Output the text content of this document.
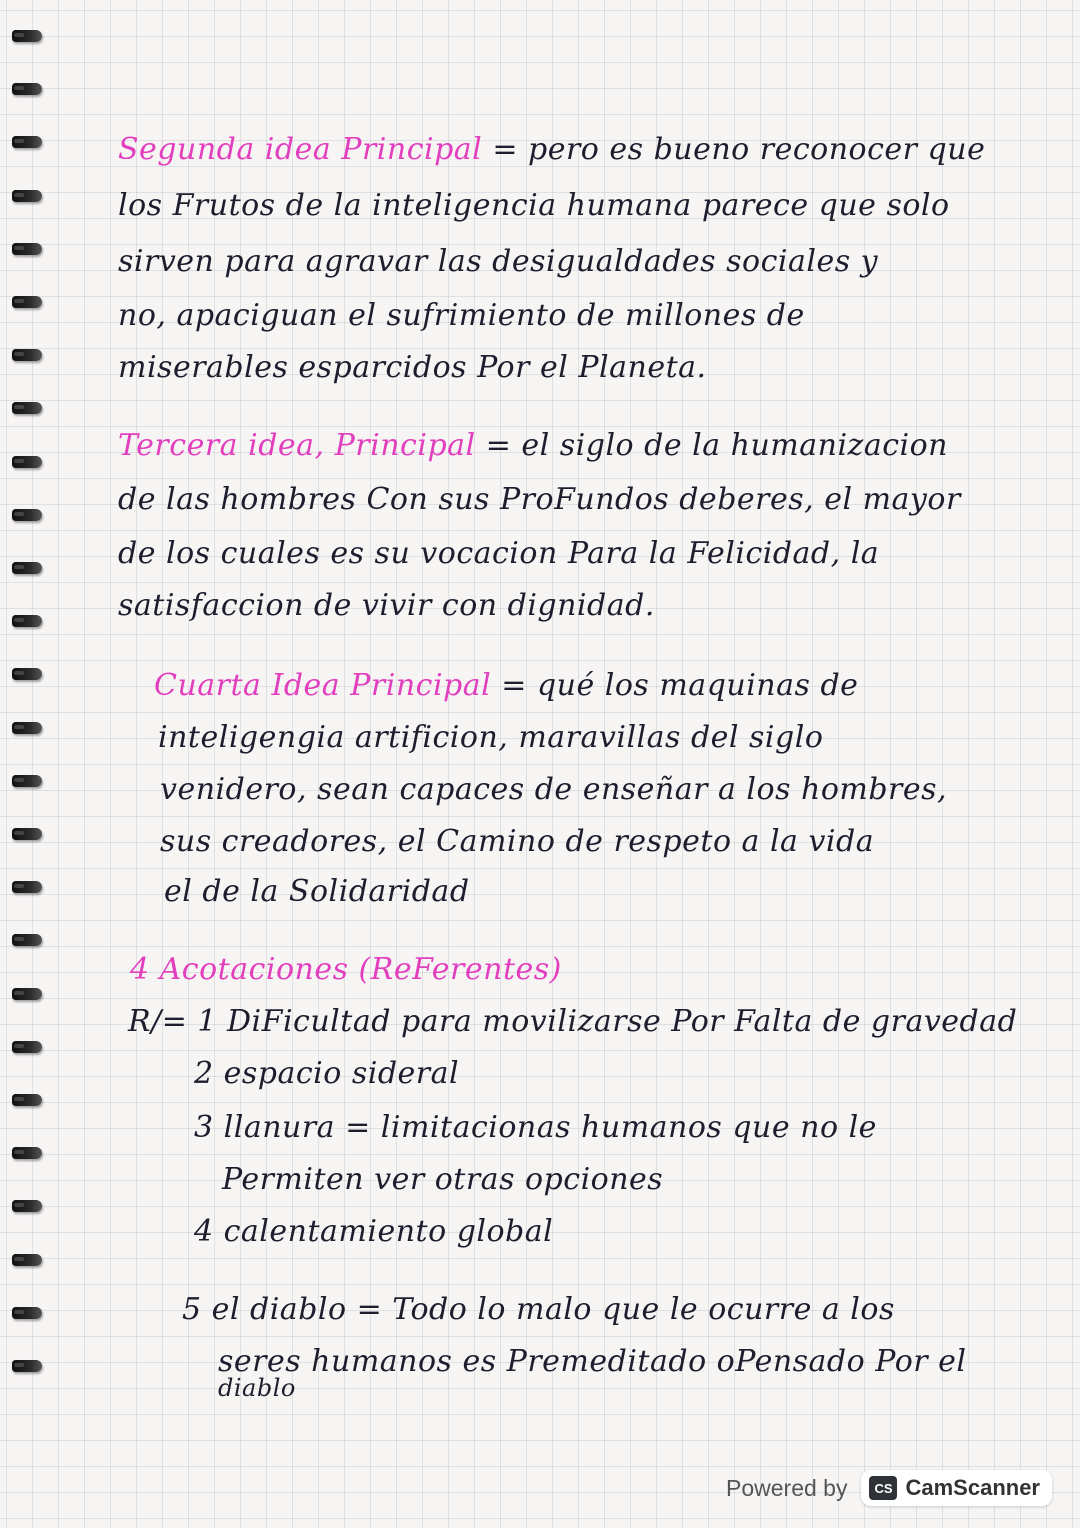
Segunda idea Principal = pero es bueno reconocer que
los Frutos de la inteligencia humana parece que solo
sirven para agravar las desigualdades sociales y
no, apaciguan el sufrimiento de millones de
miserables esparcidos Por el Planeta.
Tercera idea, Principal = el siglo de la humanizacion
de las hombres Con sus ProFundos deberes, el mayor
de los cuales es su vocacion Para la Felicidad, la
satisfaccion de vivir con dignidad.
Cuarta Idea Principal = qué los maquinas de
inteligengia artificion, maravillas del siglo
venidero, sean capaces de enseñar a los hombres,
sus creadores, el Camino de respeto a la vida
el de la Solidaridad
4 Acotaciones (ReFerentes)
R/= 1 DiFicultad para movilizarse Por Falta de gravedad
2 espacio sideral
3 llanura = limitacionas humanos que no le
Permiten ver otras opciones
4 calentamiento global
5 el diablo = Todo lo malo que le ocurre a los
seres humanos es Premeditado oPensado Por el
diablo
Powered by	CS CamScanner
